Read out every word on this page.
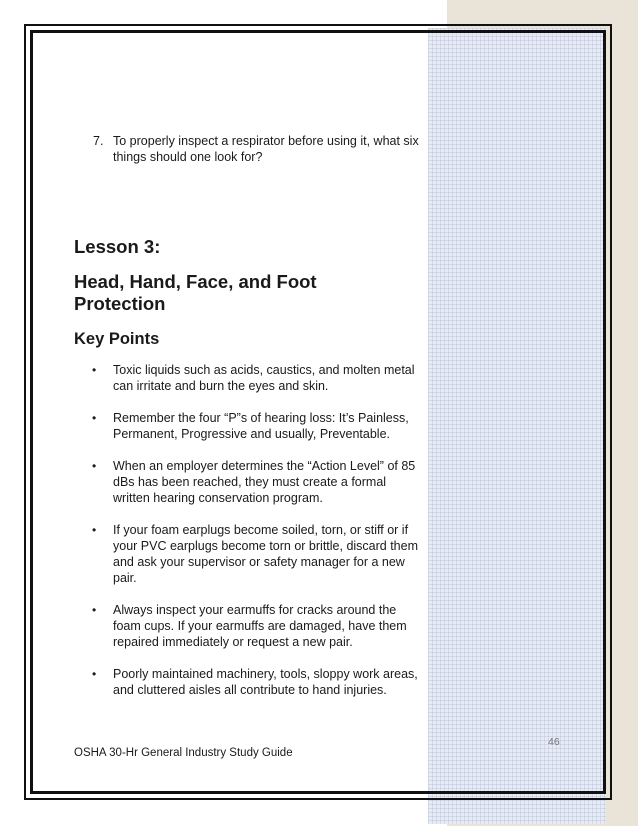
7. To properly inspect a respirator before using it, what six things should one look for?
Lesson 3:
Head, Hand, Face, and Foot Protection
Key Points
•	Toxic liquids such as acids, caustics, and molten metal can irritate and burn the eyes and skin.
•	Remember the four “P”s of hearing loss: It’s Painless, Permanent, Progressive and usually, Preventable.
•	When an employer determines the “Action Level” of 85 dBs has been reached, they must create a formal written hearing conservation program.
•	If your foam earplugs become soiled, torn, or stiff or if your PVC earplugs become torn or brittle, discard them and ask your supervisor or safety manager for a new pair.
•	Always inspect your earmuffs for cracks around the foam cups. If your earmuffs are damaged, have them repaired immediately or request a new pair.
•	Poorly maintained machinery, tools, sloppy work areas, and cluttered aisles all contribute to hand injuries.
46
OSHA 30-Hr General Industry Study Guide
